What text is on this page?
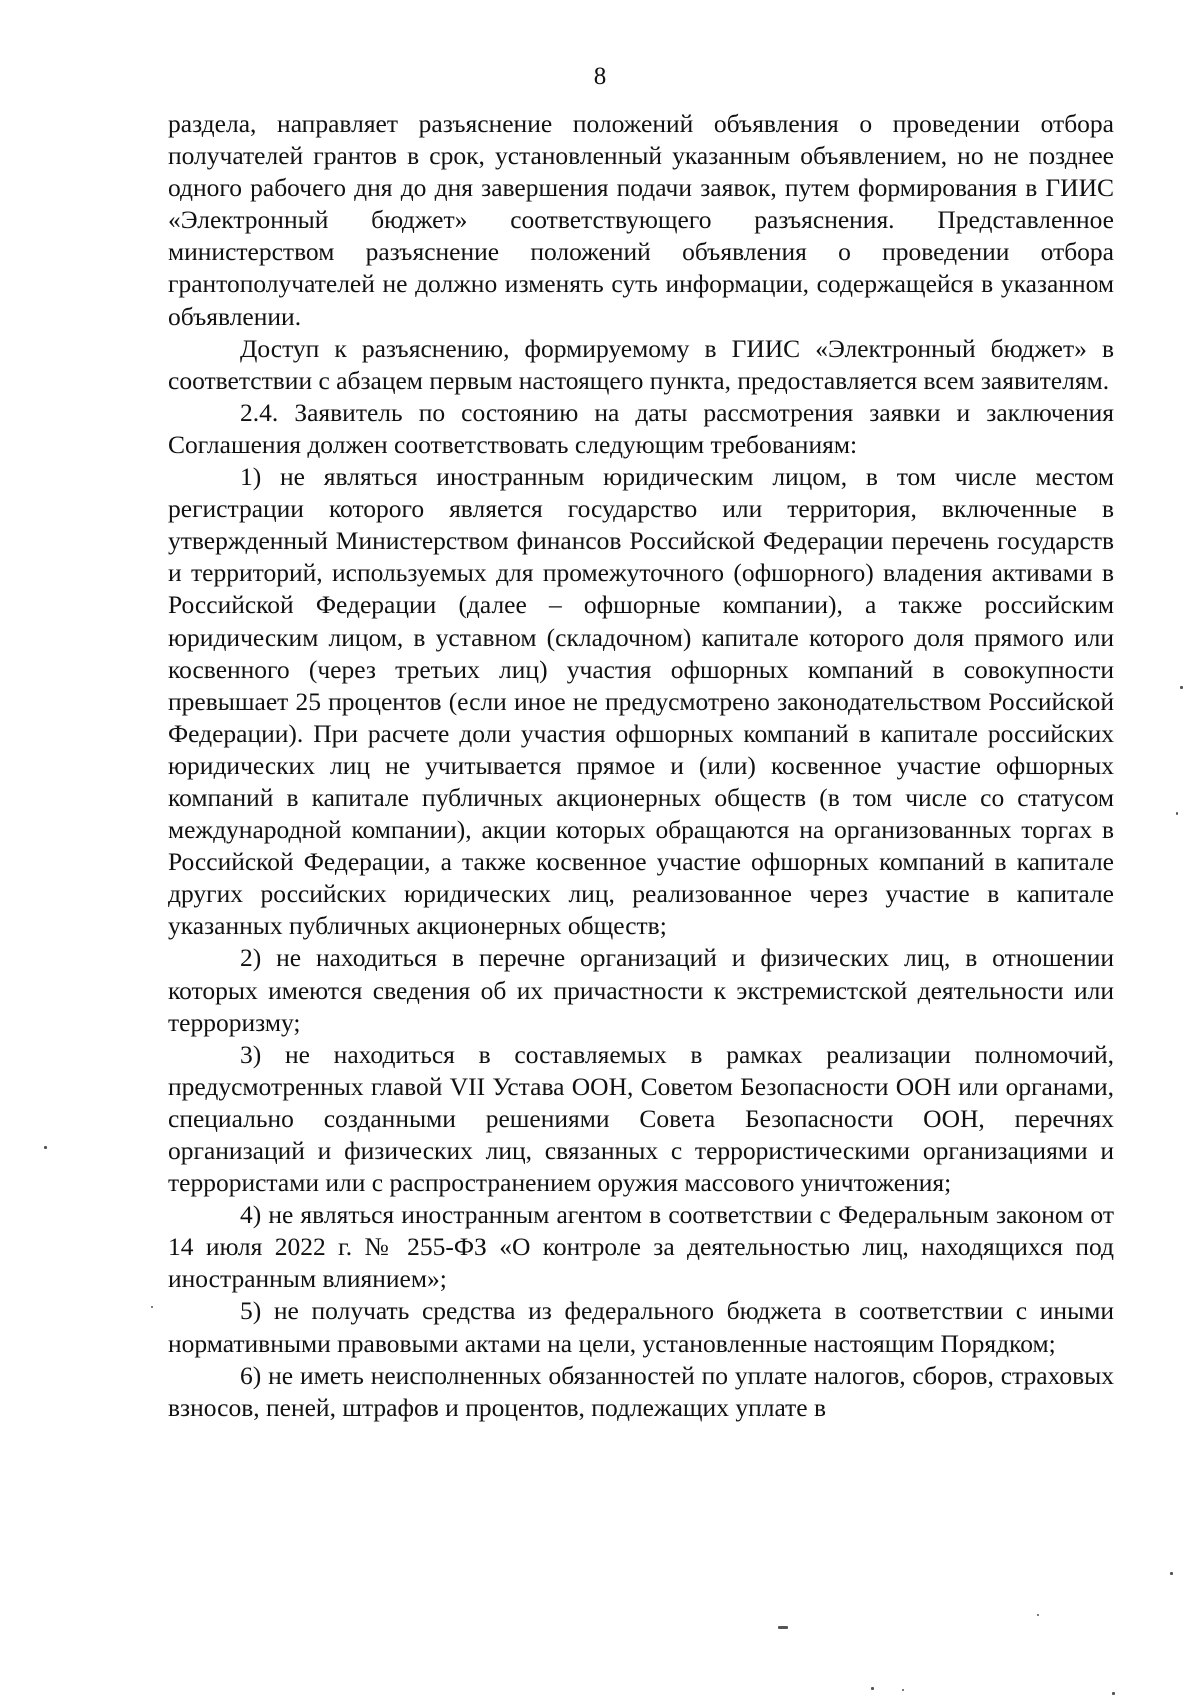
8

раздела, направляет разъяснение положений объявления о проведении отбора получателей грантов в срок, установленный указанным объявлением, но не позднее одного рабочего дня до дня завершения подачи заявок, путем формирования в ГИИС «Электронный бюджет» соответствующего разъяснения. Представленное министерством разъяснение положений объявления о проведении отбора грантополучателей не должно изменять суть информации, содержащейся в указанном объявлении.

Доступ к разъяснению, формируемому в ГИИС «Электронный бюджет» в соответствии с абзацем первым настоящего пункта, предоставляется всем заявителям.

2.4. Заявитель по состоянию на даты рассмотрения заявки и заключения Соглашения должен соответствовать следующим требованиям:

1) не являться иностранным юридическим лицом, в том числе местом регистрации которого является государство или территория, включенные в утвержденный Министерством финансов Российской Федерации перечень государств и территорий, используемых для промежуточного (офшорного) владения активами в Российской Федерации (далее – офшорные компании), а также российским юридическим лицом, в уставном (складочном) капитале которого доля прямого или косвенного (через третьих лиц) участия офшорных компаний в совокупности превышает 25 процентов (если иное не предусмотрено законодательством Российской Федерации). При расчете доли участия офшорных компаний в капитале российских юридических лиц не учитывается прямое и (или) косвенное участие офшорных компаний в капитале публичных акционерных обществ (в том числе со статусом международной компании), акции которых обращаются на организованных торгах в Российской Федерации, а также косвенное участие офшорных компаний в капитале других российских юридических лиц, реализованное через участие в капитале указанных публичных акционерных обществ;

2) не находиться в перечне организаций и физических лиц, в отношении которых имеются сведения об их причастности к экстремистской деятельности или терроризму;

3) не находиться в составляемых в рамках реализации полномочий, предусмотренных главой VII Устава ООН, Советом Безопасности ООН или органами, специально созданными решениями Совета Безопасности ООН, перечнях организаций и физических лиц, связанных с террористическими организациями и террористами или с распространением оружия массового уничтожения;

4) не являться иностранным агентом в соответствии с Федеральным законом от 14 июля 2022 г. № 255-ФЗ «О контроле за деятельностью лиц, находящихся под иностранным влиянием»;

5) не получать средства из федерального бюджета в соответствии с иными нормативными правовыми актами на цели, установленные настоящим Порядком;

6) не иметь неисполненных обязанностей по уплате налогов, сборов, страховых взносов, пеней, штрафов и процентов, подлежащих уплате в
